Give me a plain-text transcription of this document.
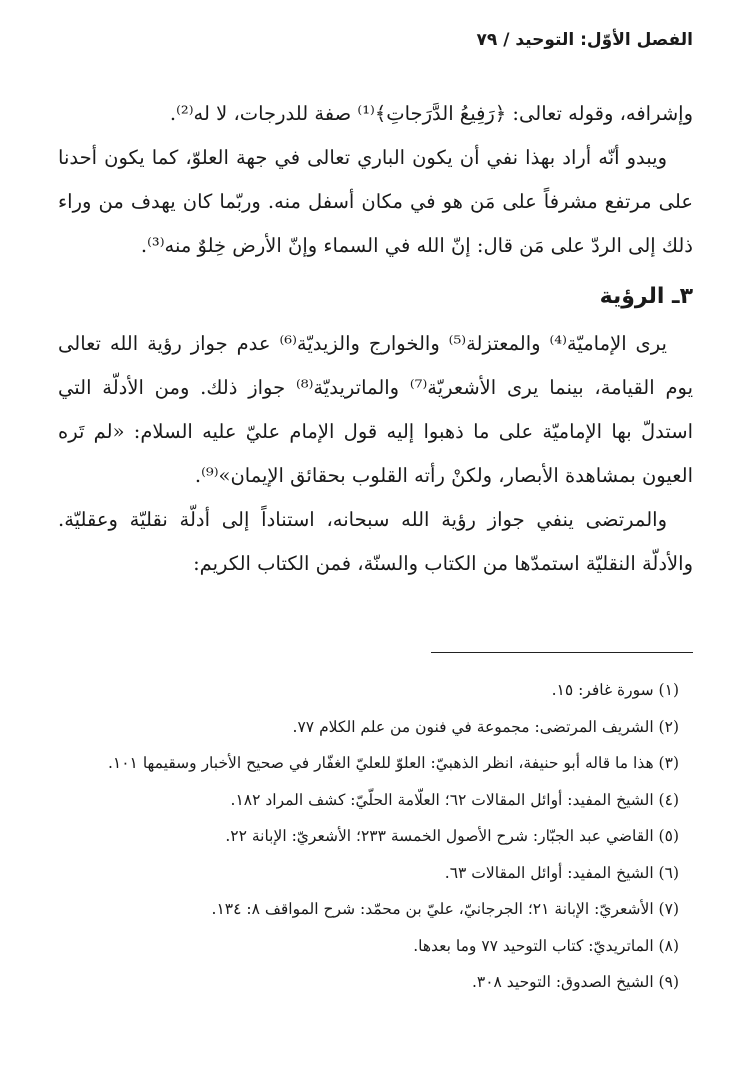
الفصل الأوّل: التوحيد / ٧٩

وإشرافه، وقوله تعالى: ﴿رَفِيعُ الدَّرَجاتِ﴾⁽¹⁾ صفة للدرجات، لا له⁽²⁾.

ويبدو أنّه أراد بهذا نفي أن يكون الباري تعالى في جهة العلوّ، كما يكون أحدنا على مرتفع مشرفاً على مَن هو في مكان أسفل منه. وربّما كان يهدف من وراء ذلك إلى الردّ على مَن قال: إنّ الله في السماء وإنّ الأرض خِلوٌ منه⁽³⁾.

٣ـ الرؤية

يرى الإماميّة⁽⁴⁾ والمعتزلة⁽⁵⁾ والخوارج والزيديّة⁽⁶⁾ عدم جواز رؤية الله تعالى يوم القيامة، بينما يرى الأشعريّة⁽⁷⁾ والماتريديّة⁽⁸⁾ جواز ذلك. ومن الأدلّة التي استدلّ بها الإماميّة على ما ذهبوا إليه قول الإمام عليّ عليه السلام: «لم تَره العيون بمشاهدة الأبصار، ولكنْ رأته القلوب بحقائق الإيمان»⁽⁹⁾.

والمرتضى ينفي جواز رؤية الله سبحانه، استناداً إلى أدلّة نقليّة وعقليّة. والأدلّة النقليّة استمدّها من الكتاب والسنّة، فمن الكتاب الكريم:

(١) سورة غافر: ١٥.
(٢) الشريف المرتضى: مجموعة في فنون من علم الكلام ٧٧.
(٣) هذا ما قاله أبو حنيفة، انظر الذهبيّ: العلوّ للعليّ الغفّار في صحيح الأخبار وسقيمها ١٠١.
(٤) الشيخ المفيد: أوائل المقالات ٦٢؛ العلّامة الحلّيّ: كشف المراد ١٨٢.
(٥) القاضي عبد الجبّار: شرح الأصول الخمسة ٢٣٣؛ الأشعريّ: الإبانة ٢٢.
(٦) الشيخ المفيد: أوائل المقالات ٦٣.
(٧) الأشعريّ: الإبانة ٢١؛ الجرجانيّ، عليّ بن محمّد: شرح المواقف ٨: ١٣٤.
(٨) الماتريديّ: كتاب التوحيد ٧٧ وما بعدها.
(٩) الشيخ الصدوق: التوحيد ٣٠٨.
